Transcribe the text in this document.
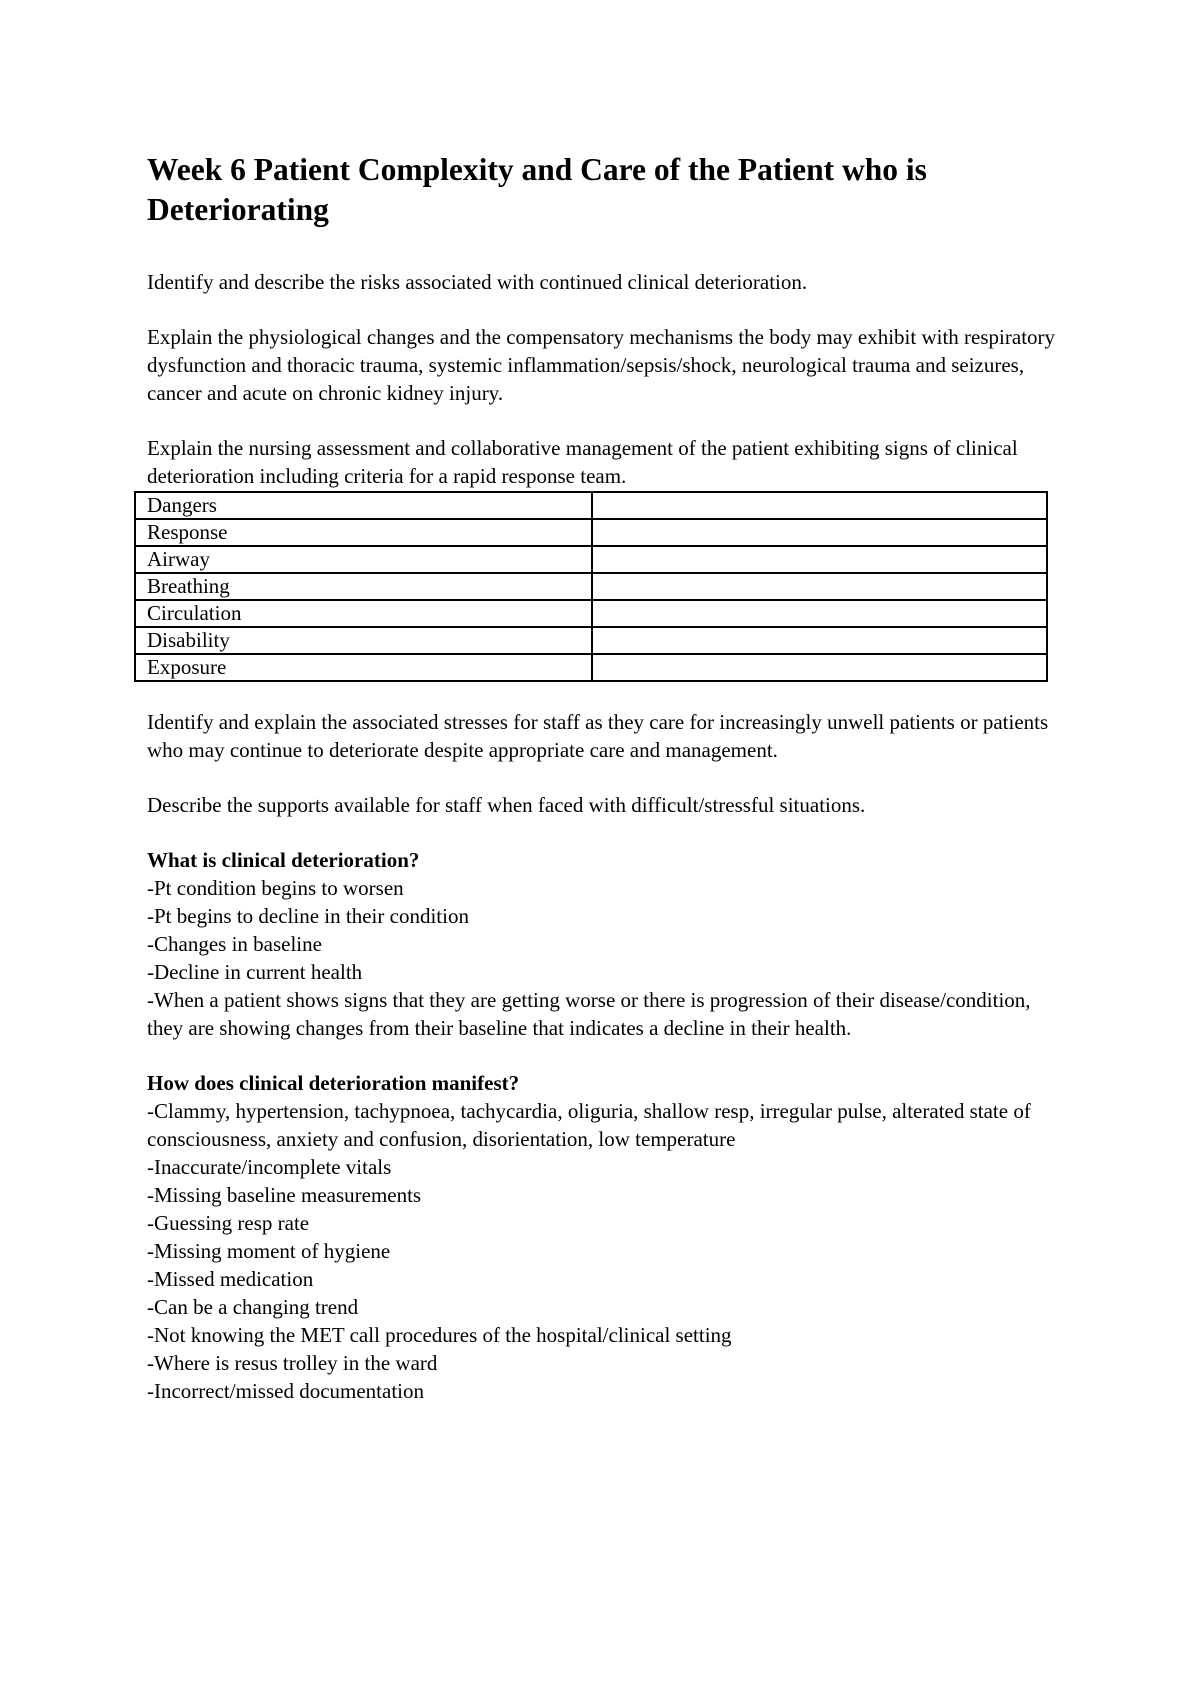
Week 6 Patient Complexity and Care of the Patient who is Deteriorating

Identify and describe the risks associated with continued clinical deterioration.

Explain the physiological changes and the compensatory mechanisms the body may exhibit with respiratory dysfunction and thoracic trauma, systemic inflammation/sepsis/shock, neurological trauma and seizures, cancer and acute on chronic kidney injury.

Explain the nursing assessment and collaborative management of the patient exhibiting signs of clinical deterioration including criteria for a rapid response team.

Dangers	
Response	
Airway	
Breathing	
Circulation	
Disability	
Exposure	

Identify and explain the associated stresses for staff as they care for increasingly unwell patients or patients who may continue to deteriorate despite appropriate care and management.

Describe the supports available for staff when faced with difficult/stressful situations.

What is clinical deterioration?
-Pt condition begins to worsen
-Pt begins to decline in their condition
-Changes in baseline
-Decline in current health
-When a patient shows signs that they are getting worse or there is progression of their disease/condition, they are showing changes from their baseline that indicates a decline in their health.
How does clinical deterioration manifest?
-Clammy, hypertension, tachypnoea, tachycardia, oliguria, shallow resp, irregular pulse, alterated state of consciousness, anxiety and confusion, disorientation, low temperature
-Inaccurate/incomplete vitals
-Missing baseline measurements
-Guessing resp rate
-Missing moment of hygiene
-Missed medication
-Can be a changing trend
-Not knowing the MET call procedures of the hospital/clinical setting
-Where is resus trolley in the ward
-Incorrect/missed documentation
